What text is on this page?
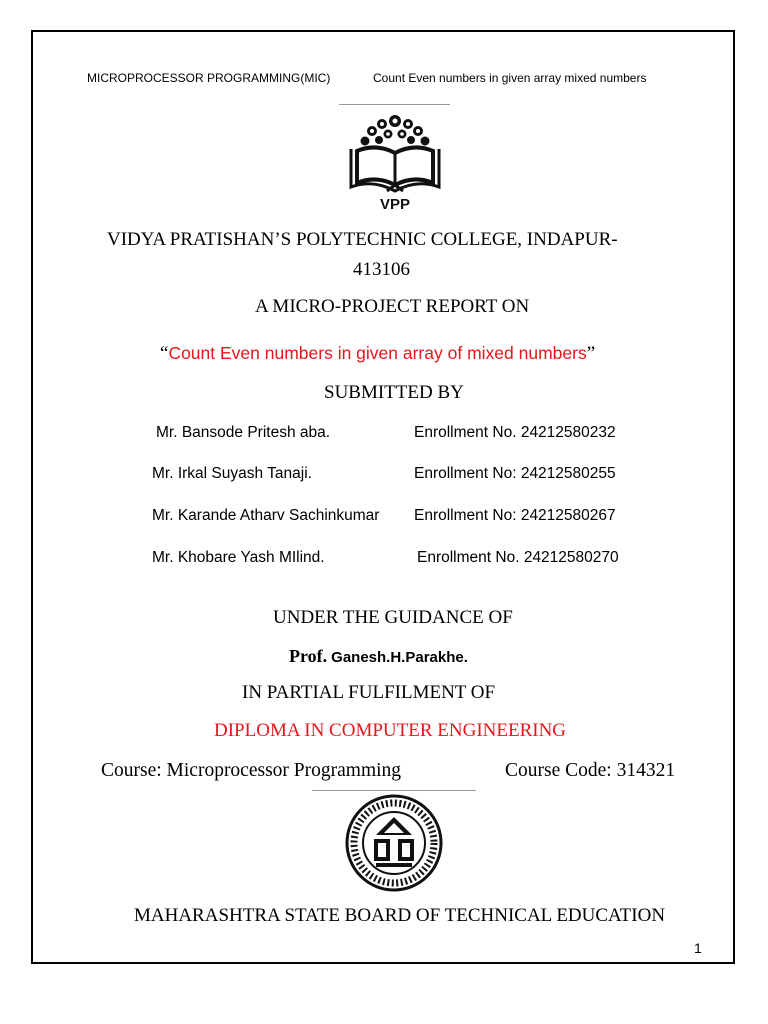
MICROPROCESSOR PROGRAMMING(MIC)	Count Even numbers in given array mixed numbers
VPP
VIDYA PRATISHAN’S POLYTECHNIC COLLEGE, INDAPUR-
413106
A MICRO-PROJECT REPORT ON
“Count Even numbers in given array of mixed numbers”
SUBMITTED BY
Mr. Bansode Pritesh aba.	Enrollment No. 24212580232
Mr. Irkal Suyash Tanaji.	Enrollment No: 24212580255
Mr. Karande Atharv Sachinkumar Enrollment No: 24212580267
Mr. Khobare Yash MIlind.	Enrollment No. 24212580270
UNDER THE GUIDANCE OF
Prof. Ganesh.H.Parakhe.
IN PARTIAL FULFILMENT OF
DIPLOMA IN COMPUTER ENGINEERING
Course: Microprocessor Programming	Course Code: 314321
MAHARASHTRA STATE BOARD OF TECHNICAL EDUCATION
1
